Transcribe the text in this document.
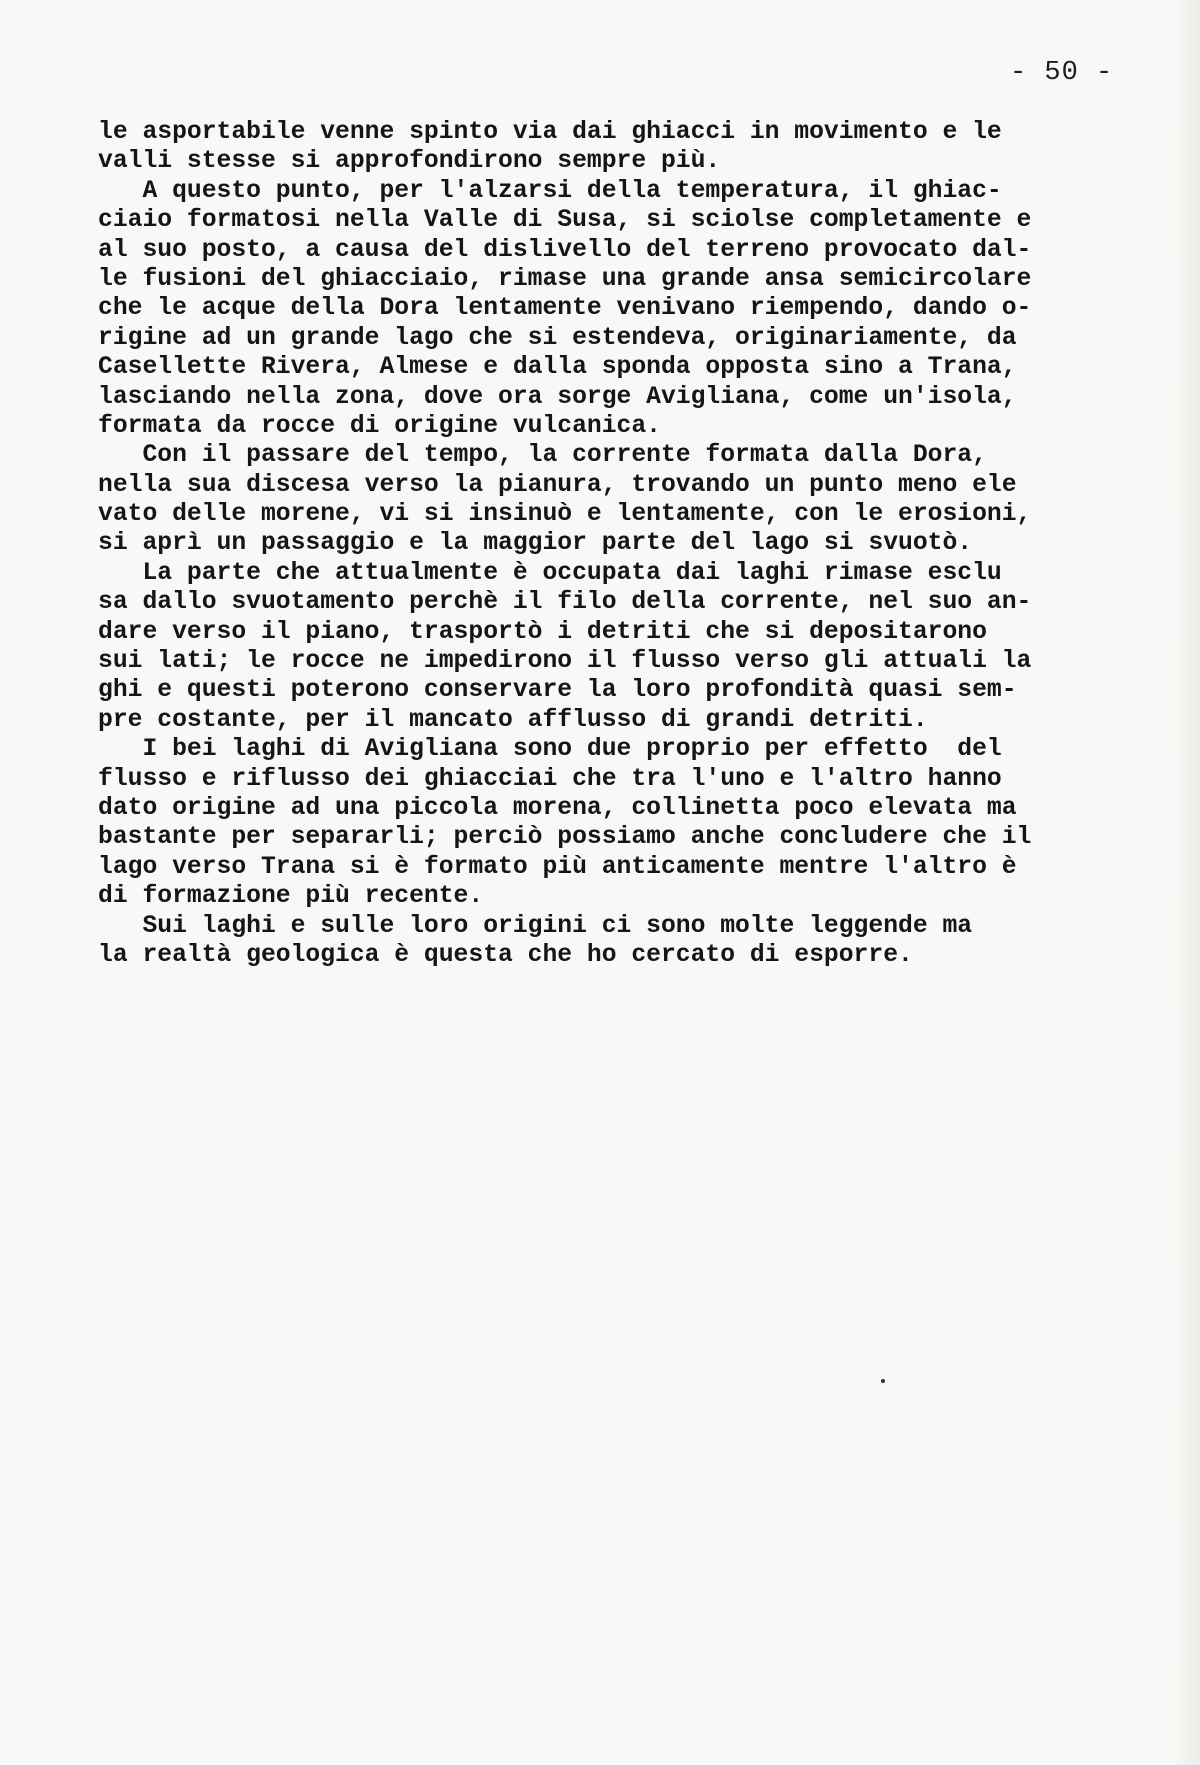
- 50 -
le asportabile venne spinto via dai ghiacci in movimento e le
valli stesse si approfondirono sempre più.
A questo punto, per l'alzarsi della temperatura, il ghiac-
ciaio formatosi nella Valle di Susa, si sciolse completamente e
al suo posto, a causa del dislivello del terreno provocato dal-
le fusioni del ghiacciaio, rimase una grande ansa semicircolare
che le acque della Dora lentamente venivano riempendo, dando o-
rigine ad un grande lago che si estendeva, originariamente, da
Casellette Rivera, Almese e dalla sponda opposta sino a Trana,
lasciando nella zona, dove ora sorge Avigliana, come un'isola,
formata da rocce di origine vulcanica.
Con il passare del tempo, la corrente formata dalla Dora,
nella sua discesa verso la pianura, trovando un punto meno ele
vato delle morene, vi si insinuò e lentamente, con le erosioni,
si aprì un passaggio e la maggior parte del lago si svuotò.
La parte che attualmente è occupata dai laghi rimase esclu
sa dallo svuotamento perchè il filo della corrente, nel suo an-
dare verso il piano, trasportò i detriti che si depositarono
sui lati; le rocce ne impedirono il flusso verso gli attuali la
ghi e questi poterono conservare la loro profondità quasi sem-
pre costante, per il mancato afflusso di grandi detriti.
I bei laghi di Avigliana sono due proprio per effetto  del
flusso e riflusso dei ghiacciai che tra l'uno e l'altro hanno
dato origine ad una piccola morena, collinetta poco elevata ma
bastante per separarli; perciò possiamo anche concludere che il
lago verso Trana si è formato più anticamente mentre l'altro è
di formazione più recente.
Sui laghi e sulle loro origini ci sono molte leggende ma
la realtà geologica è questa che ho cercato di esporre.
